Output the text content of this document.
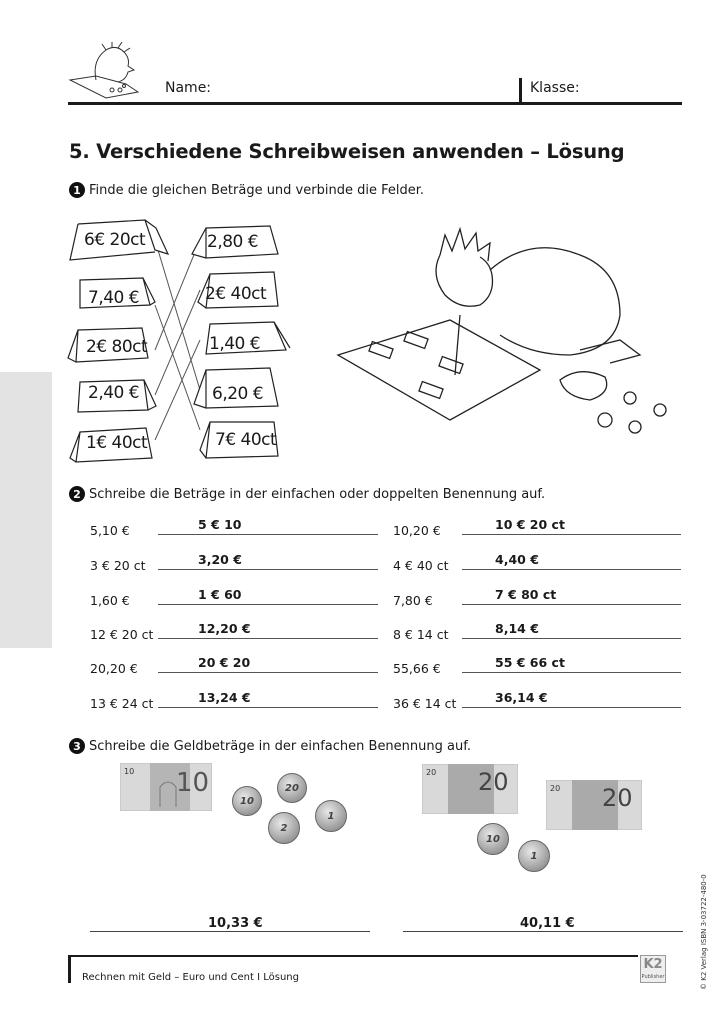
Name:	Klasse:
5. Verschiedene Schreibweisen anwenden – Lösung
1 Finde die gleichen Beträge und verbinde die Felder.
6€ 20ct
7,40 €
2€ 80ct
2,40 €
1€ 40ct
2,80 €
2€ 40ct
1,40 €
6,20 €
7€ 40ct
2 Schreibe die Beträge in der einfachen oder doppelten Benennung auf.
5,10 €	5 € 10
3 € 20 ct	3,20 €
1,60 €	1 € 60
12 € 20 ct	12,20 €
20,20 €	20 € 20
13 € 24 ct	13,24 €
10,20 €	10 € 20 ct
4 € 40 ct	4,40 €
7,80 €	7 € 80 ct
8 € 14 ct	8,14 €
55,66 €	55 € 66 ct
36 € 14 ct	36,14 €
3 Schreibe die Geldbeträge in der einfachen Benennung auf.
10 10
10
20
2
1
20 20	20 20
10
1
10,33 €	40,11 €
Rechnen mit Geld – Euro und Cent I Lösung
K2
Publisher	© K2 Verlag ISBN 3-03722-480-0
